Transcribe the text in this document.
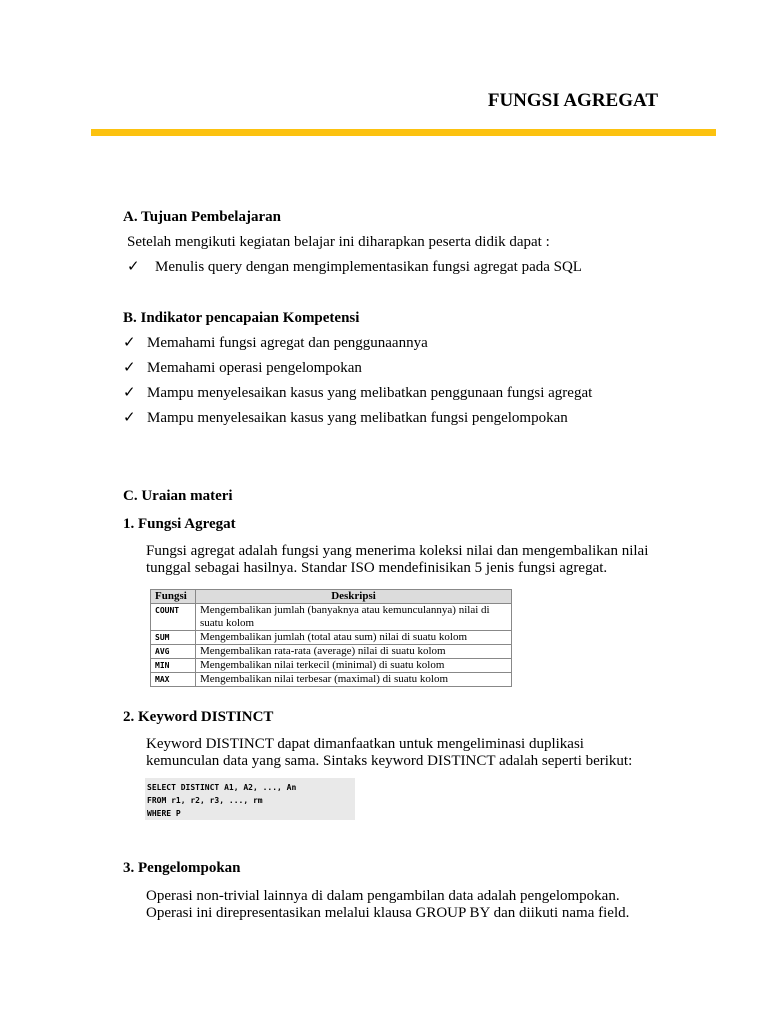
FUNGSI AGREGAT
A. Tujuan Pembelajaran
Setelah mengikuti kegiatan belajar ini diharapkan peserta didik dapat :
✓ Menulis query dengan mengimplementasikan fungsi agregat pada SQL
B. Indikator pencapaian Kompetensi
✓ Memahami fungsi agregat dan penggunaannya
✓ Memahami operasi pengelompokan
✓ Mampu menyelesaikan kasus yang melibatkan penggunaan fungsi agregat
✓ Mampu menyelesaikan kasus yang melibatkan fungsi pengelompokan
C. Uraian materi
1. Fungsi Agregat
Fungsi agregat adalah fungsi yang menerima koleksi nilai dan mengembalikan nilai
tunggal sebagai hasilnya. Standar ISO mendefinisikan 5 jenis fungsi agregat.
Fungsi	Deskripsi
COUNT	Mengembalikan jumlah (banyaknya atau kemunculannya) nilai di suatu kolom
SUM	Mengembalikan jumlah (total atau sum) nilai di suatu kolom
AVG	Mengembalikan rata-rata (average) nilai di suatu kolom
MIN	Mengembalikan nilai terkecil (minimal) di suatu kolom
MAX	Mengembalikan nilai terbesar (maximal) di suatu kolom
2. Keyword DISTINCT
Keyword DISTINCT dapat dimanfaatkan untuk mengeliminasi duplikasi
kemunculan data yang sama. Sintaks keyword DISTINCT adalah seperti berikut:
SELECT DISTINCT A1, A2, ..., An
FROM r1, r2, r3, ..., rm
WHERE P
3. Pengelompokan
Operasi non-trivial lainnya di dalam pengambilan data adalah pengelompokan.
Operasi ini direpresentasikan melalui klausa GROUP BY dan diikuti nama field.
